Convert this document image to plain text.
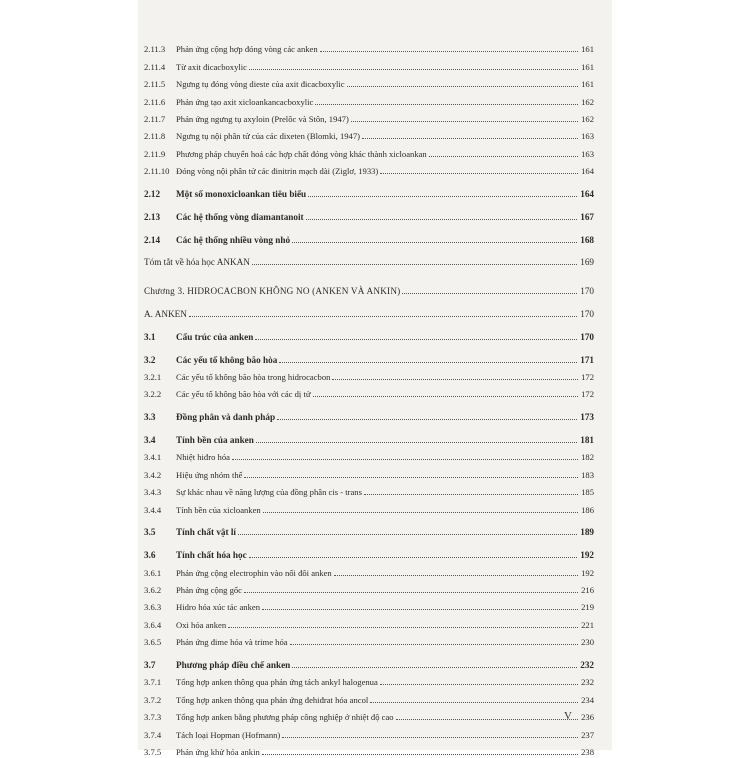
2.11.3	Phản ứng cộng hợp đóng vòng các anken	161
2.11.4	Từ axit đicacboxylic	161
2.11.5	Ngưng tụ đóng vòng dieste của axit đicacboxylic	161
2.11.6	Phản ứng tạo axit xicloankancacboxylic	162
2.11.7	Phản ứng ngưng tụ axyloin (Prelôc và Stôn, 1947)	162
2.11.8	Ngưng tụ nội phân tử của các dixeten (Blomki, 1947)	163
2.11.9	Phương pháp chuyển hoá các hợp chất đóng vòng khác thành xicloankan	163
2.11.10 Đóng vòng nội phân tử các đinitrin mạch dài (Ziglơ, 1933)	164
2.12	Một số monoxicloankan tiêu biểu	164
2.13	Các hệ thống vòng diamantanoit	167
2.14	Các hệ thống nhiều vòng nhỏ	168
Tóm tắt về hóa học ANKAN	169
Chương 3. HIDROCACBON KHÔNG NO (ANKEN VÀ ANKIN)	170
A. ANKEN	170
3.1	Cấu trúc của anken	170
3.2	Các yếu tố không bão hòa	171
3.2.1	Các yếu tố không bão hòa trong hidrocacbon	172
3.2.2	Các yếu tố không bão hòa với các dị tử	172
3.3	Đồng phân và danh pháp	173
3.4	Tính bền của anken	181
3.4.1	Nhiệt hiđro hóa	182
3.4.2	Hiệu ứng nhóm thế	183
3.4.3	Sự khác nhau về năng lượng của đồng phân cis - trans	185
3.4.4	Tính bền của xicloanken	186
3.5	Tính chất vật lí	189
3.6	Tính chất hóa học	192
3.6.1	Phản ứng cộng electrophin vào nối đôi anken	192
3.6.2	Phản ứng cộng gốc	216
3.6.3	Hidro hóa xúc tác anken	219
3.6.4	Oxi hóa anken	221
3.6.5	Phản ứng đime hóa và trime hóa	230
3.7	Phương pháp điều chế anken	232
3.7.1	Tổng hợp anken thông qua phản ứng tách ankyl halogenua	232
3.7.2	Tổng hợp anken thông qua phản ứng đehiđrat hóa ancol	234
3.7.3	Tổng hợp anken bằng phương pháp công nghiệp ở nhiệt độ cao	236
3.7.4	Tách loại Hopman (Hofmann)	237
3.7.5	Phản ứng khử hóa ankin	238
V
